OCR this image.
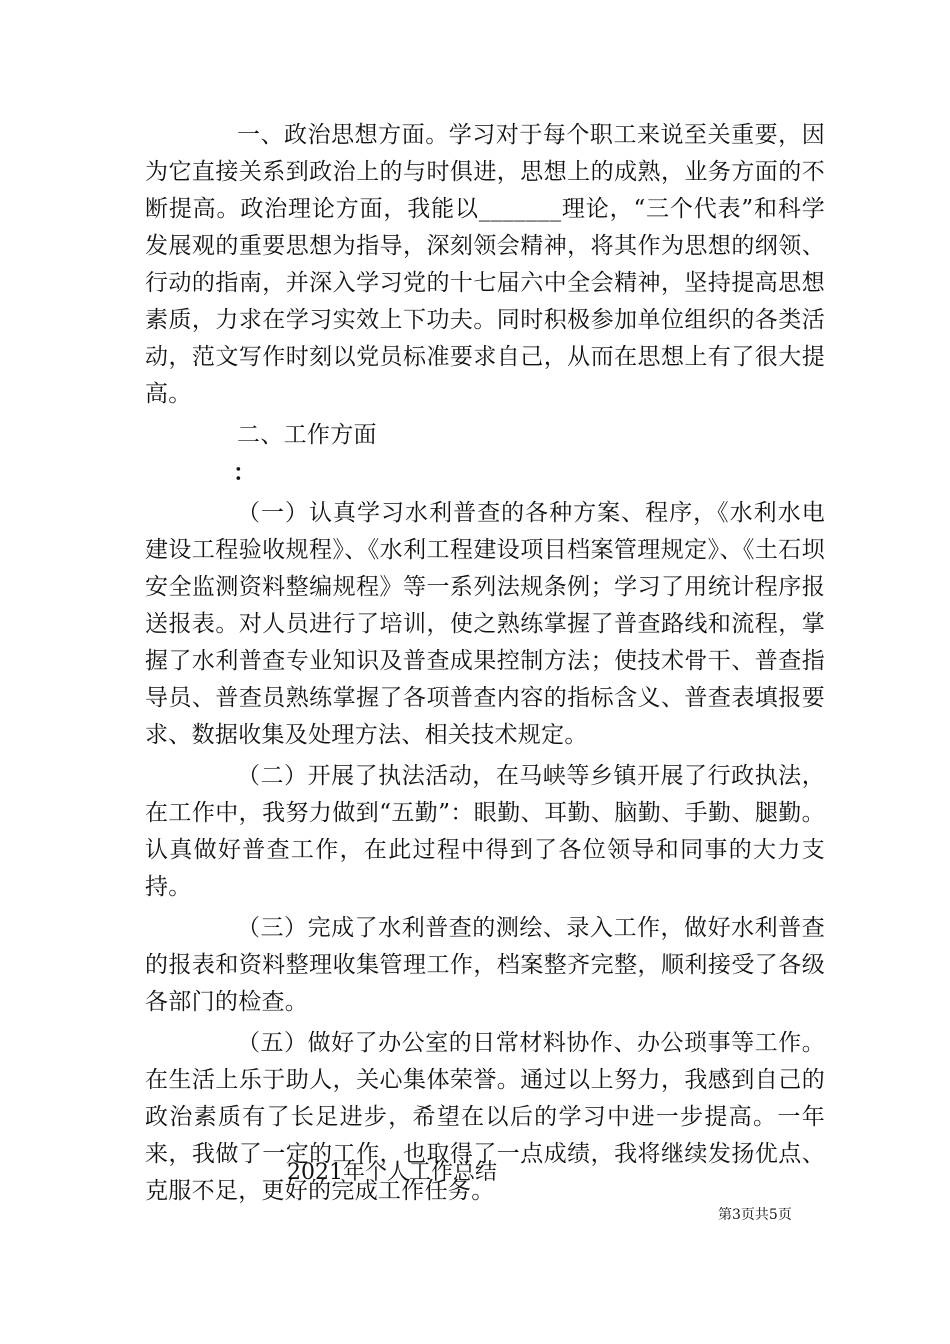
一、政治思想方面。学习对于每个职工来说至关重要，因为它直接关系到政治上的与时俱进，思想上的成熟，业务方面的不断提高。政治理论方面，我能以_______理论，“三个代表”和科学发展观的重要思想为指导，深刻领会精神，将其作为思想的纲领、行动的指南，并深入学习党的十七届六中全会精神，坚持提高思想素质，力求在学习实效上下功夫。同时积极参加单位组织的各类活动，范文写作时刻以党员标准要求自己，从而在思想上有了很大提高。

二、工作方面

：

（一）认真学习水利普查的各种方案、程序，《水利水电建设工程验收规程》、《水利工程建设项目档案管理规定》、《土石坝安全监测资料整编规程》等一系列法规条例；学习了用统计程序报送报表。对人员进行了培训，使之熟练掌握了普查路线和流程，掌握了水利普查专业知识及普查成果控制方法；使技术骨干、普查指导员、普查员熟练掌握了各项普查内容的指标含义、普查表填报要求、数据收集及处理方法、相关技术规定。

（二）开展了执法活动，在马峡等乡镇开展了行政执法，在工作中，我努力做到“五勤”：眼勤、耳勤、脑勤、手勤、腿勤。认真做好普查工作，在此过程中得到了各位领导和同事的大力支持。

（三）完成了水利普查的测绘、录入工作，做好水利普查的报表和资料整理收集管理工作，档案整齐完整，顺利接受了各级各部门的检查。

（五）做好了办公室的日常材料协作、办公琐事等工作。在生活上乐于助人，关心集体荣誉。通过以上努力，我感到自己的政治素质有了长足进步，希望在以后的学习中进一步提高。一年来，我做了一定的工作，也取得了一点成绩，我将继续发扬优点、克服不足，更好的完成工作任务。

2021年个人工作总结
第3页共5页
